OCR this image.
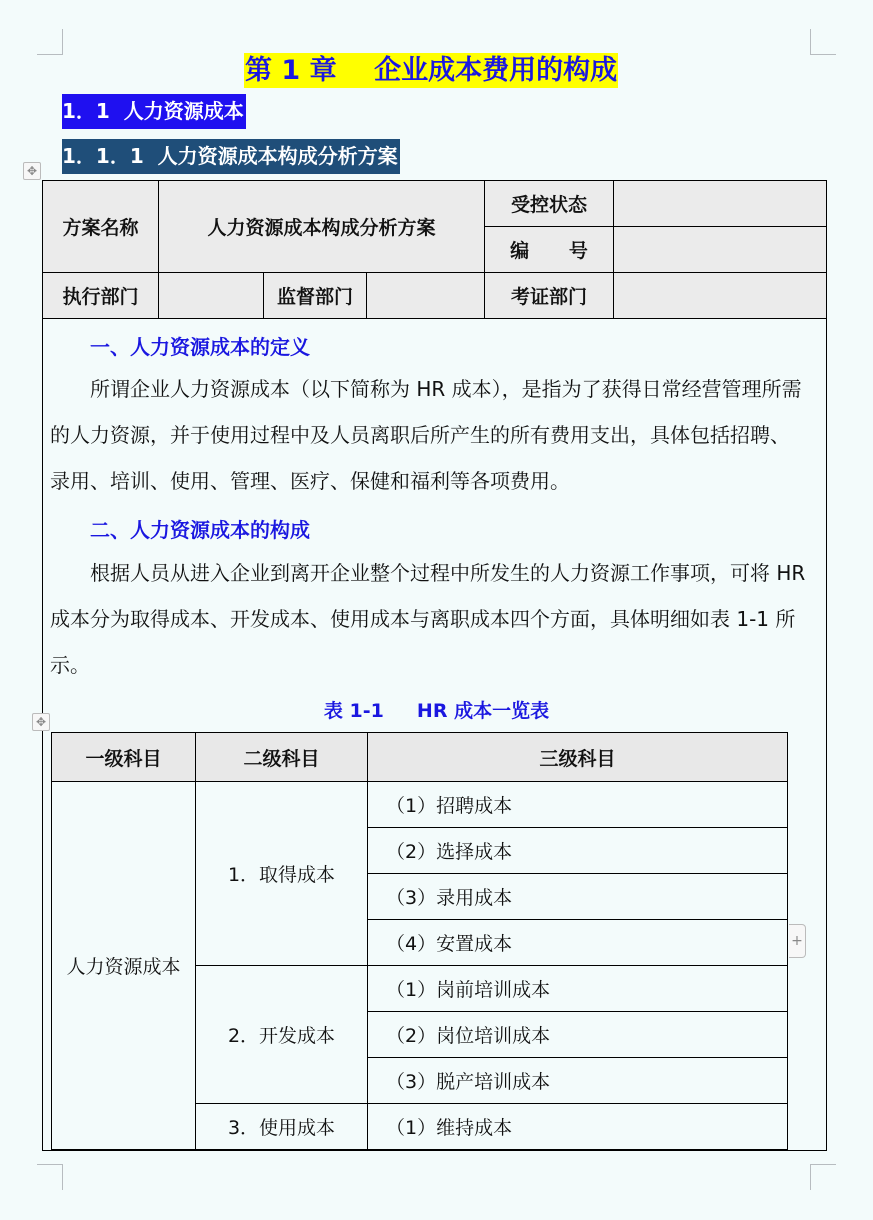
第 1 章    企业成本费用的构成
1．1  人力资源成本
1．1．1  人力资源成本构成分析方案
✥
方案名称	人力资源成本构成分析方案			受控状态	
				编      号	
执行部门		监督部门		考证部门	
一、人力资源成本的定义
所谓企业人力资源成本（以下简称为 HR 成本），是指为了获得日常经营管理所需
的人力资源，并于使用过程中及人员离职后所产生的所有费用支出，具体包括招聘、
录用、培训、使用、管理、医疗、保健和福利等各项费用。
二、人力资源成本的构成
根据人员从进入企业到离开企业整个过程中所发生的人力资源工作事项，可将 HR
成本分为取得成本、开发成本、使用成本与离职成本四个方面，具体明细如表 1-1 所
示。
表 1-1     HR 成本一览表
✥
一级科目	二级科目	三级科目
人力资源成本	1．取得成本	（1）招聘成本
		（2）选择成本
		（3）录用成本
		（4）安置成本
	2．开发成本	（1）岗前培训成本
		（2）岗位培训成本
		（3）脱产培训成本
	3．使用成本	（1）维持成本
+
